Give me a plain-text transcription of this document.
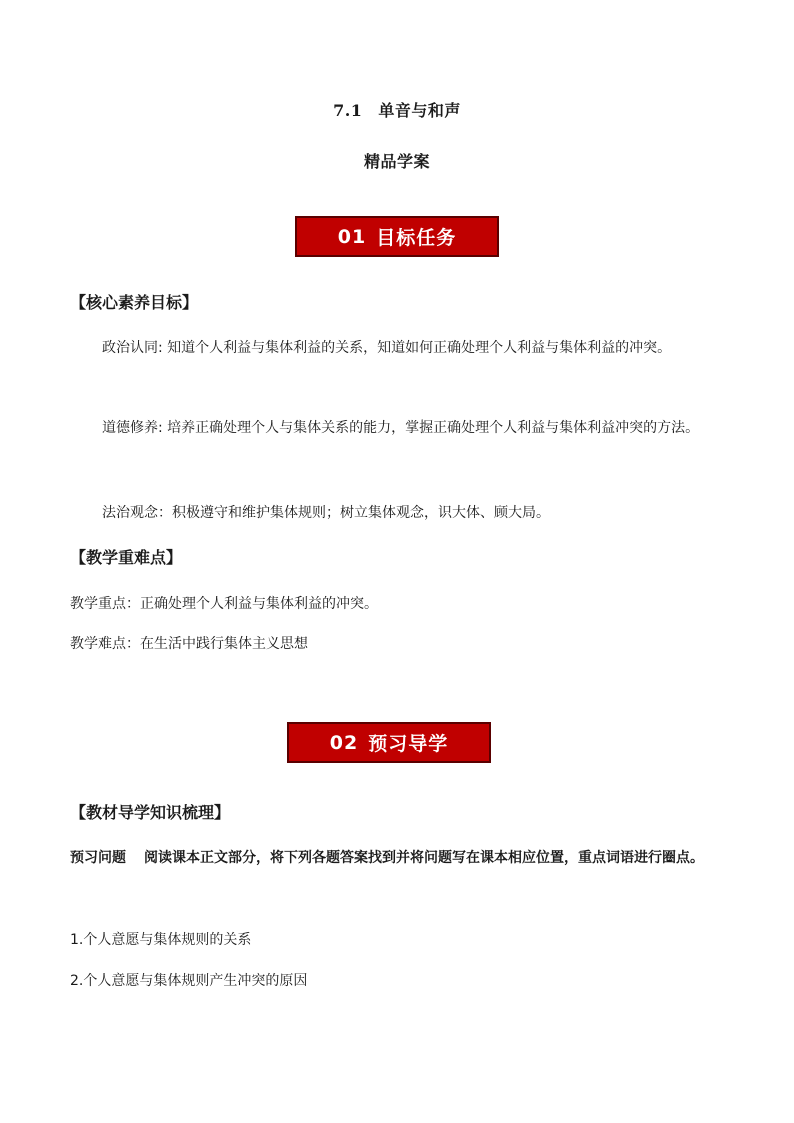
7.1 单音与和声
精品学案
01 目标任务
【核心素养目标】
政治认同: 知道个人利益与集体利益的关系，知道如何正确处理个人利益与集体利益的冲突。
道德修养: 培养正确处理个人与集体关系的能力，掌握正确处理个人利益与集体利益冲突的方法。
法治观念：积极遵守和维护集体规则；树立集体观念，识大体、顾大局。
【教学重难点】
教学重点：正确处理个人利益与集体利益的冲突。
教学难点：在生活中践行集体主义思想
02 预习导学
【教材导学知识梳理】
预习问题 阅读课本正文部分，将下列各题答案找到并将问题写在课本相应位置，重点词语进行圈点。
1.个人意愿与集体规则的关系
2.个人意愿与集体规则产生冲突的原因
